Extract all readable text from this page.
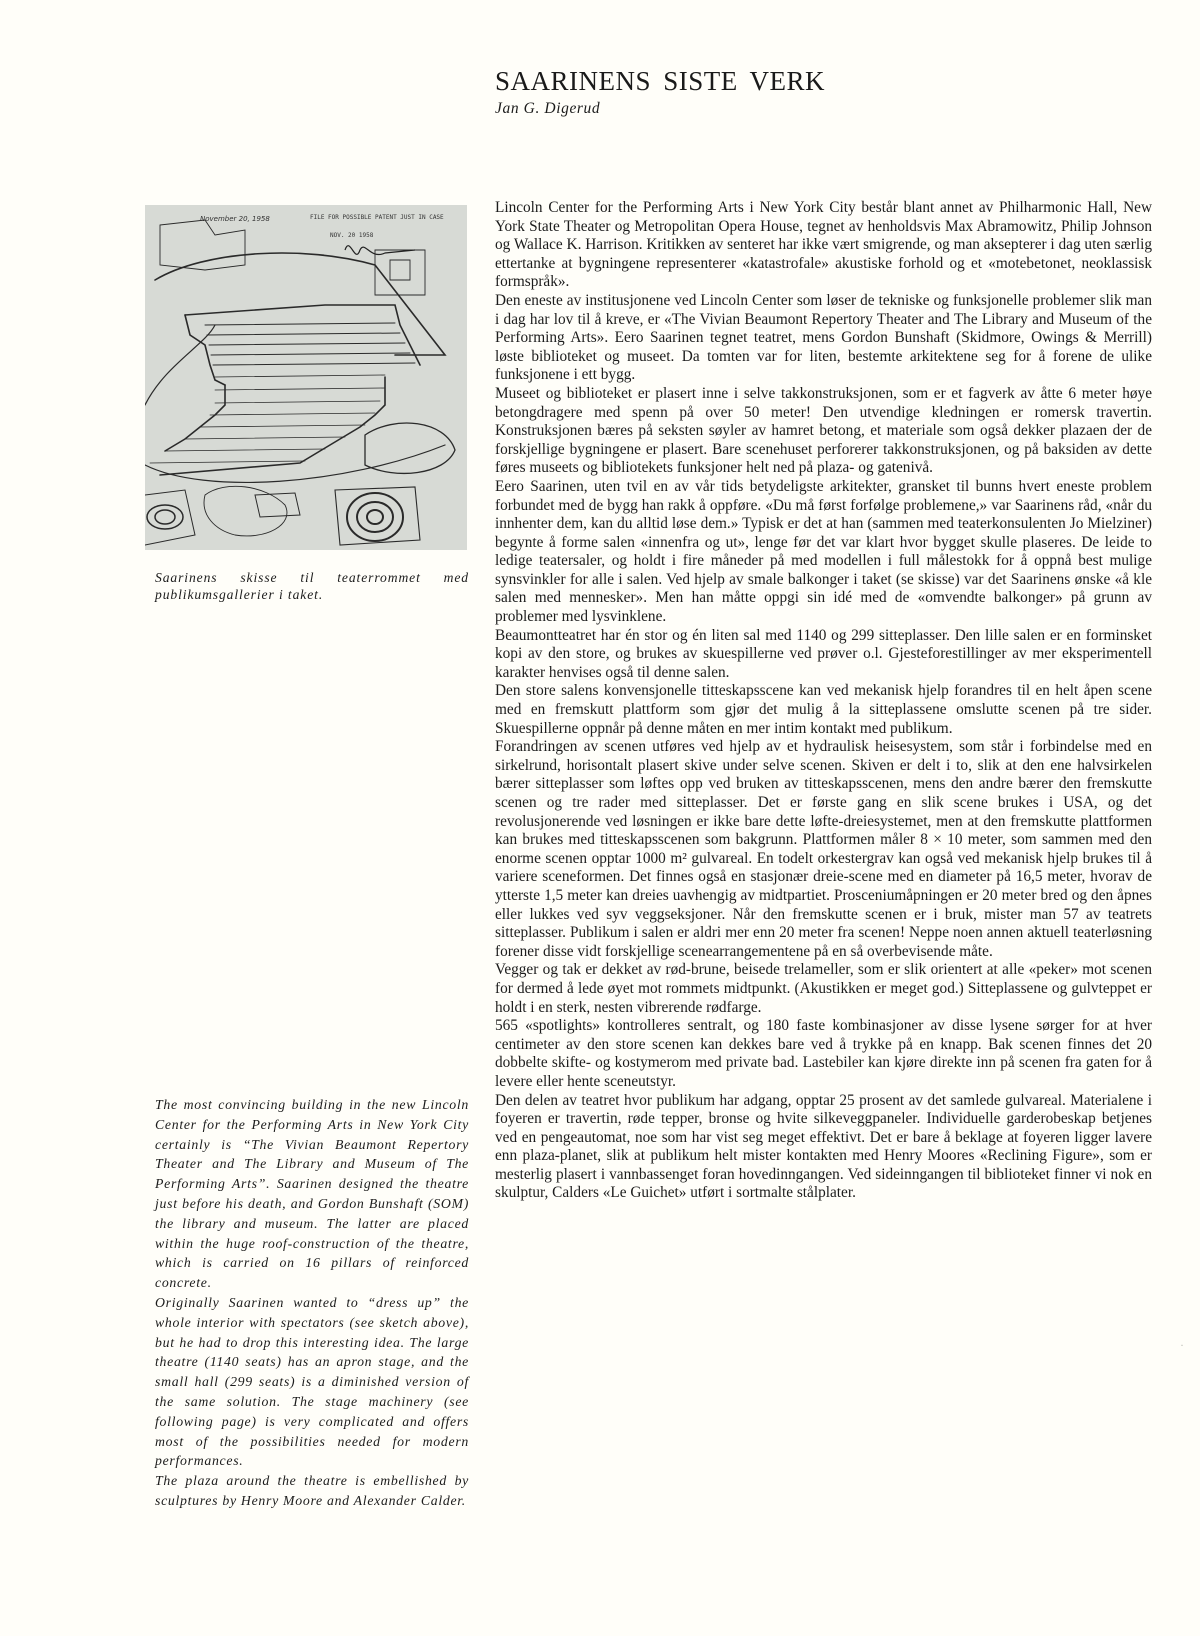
SAARINENS SISTE VERK

Jan G. Digerud

November 20, 1958	FILE FOR POSSIBLE PATENT JUST IN CASE
NOV. 20 1958

Saarinens skisse til teaterrommet med publikumsgallerier i taket.

The most convincing building in the new Lincoln Center for the Performing Arts in New York City certainly is “The Vivian Beaumont Repertory Theater and The Library and Museum of The Performing Arts”. Saarinen designed the theatre just before his death, and Gordon Bunshaft (SOM) the library and museum. The latter are placed within the huge roof-construction of the theatre, which is carried on 16 pillars of reinforced concrete.

Originally Saarinen wanted to “dress up” the whole interior with spectators (see sketch above), but he had to drop this interesting idea. The large theatre (1140 seats) has an apron stage, and the small hall (299 seats) is a diminished version of the same solution. The stage machinery (see following page) is very complicated and offers most of the possibilities needed for modern performances.

The plaza around the theatre is embellished by sculptures by Henry Moore and Alexander Calder.

Lincoln Center for the Performing Arts i New York City består blant annet av Philharmonic Hall, New York State Theater og Metropolitan Opera House, tegnet av henholdsvis Max Abramowitz, Philip Johnson og Wallace K. Harrison. Kritikken av senteret har ikke vært smigrende, og man aksepterer i dag uten særlig ettertanke at bygningene representerer «katastrofale» akustiske forhold og et «motebetonet, neoklassisk formspråk».

Den eneste av institusjonene ved Lincoln Center som løser de tekniske og funksjonelle problemer slik man i dag har lov til å kreve, er «The Vivian Beaumont Repertory Theater and The Library and Museum of the Performing Arts». Eero Saarinen tegnet teatret, mens Gordon Bunshaft (Skidmore, Owings & Merrill) løste biblioteket og museet. Da tomten var for liten, bestemte arkitektene seg for å forene de ulike funksjonene i ett bygg.

Museet og biblioteket er plasert inne i selve takkonstruksjonen, som er et fagverk av åtte 6 meter høye betongdragere med spenn på over 50 meter! Den utvendige kledningen er romersk travertin. Konstruksjonen bæres på seksten søyler av hamret betong, et materiale som også dekker plazaen der de forskjellige bygningene er plasert. Bare scenehuset perforerer takkonstruksjonen, og på baksiden av dette føres museets og bibliotekets funksjoner helt ned på plaza- og gatenivå.

Eero Saarinen, uten tvil en av vår tids betydeligste arkitekter, gransket til bunns hvert eneste problem forbundet med de bygg han rakk å oppføre. «Du må først forfølge problemene,» var Saarinens råd, «når du innhenter dem, kan du alltid løse dem.» Typisk er det at han (sammen med teaterkonsulenten Jo Mielziner) begynte å forme salen «innenfra og ut», lenge før det var klart hvor bygget skulle plaseres. De leide to ledige teatersaler, og holdt i fire måneder på med modellen i full målestokk for å oppnå best mulige synsvinkler for alle i salen. Ved hjelp av smale balkonger i taket (se skisse) var det Saarinens ønske «å kle salen med mennesker». Men han måtte oppgi sin idé med de «omvendte balkonger» på grunn av problemer med lysvinklene.

Beaumontteatret har én stor og én liten sal med 1140 og 299 sitteplasser. Den lille salen er en forminsket kopi av den store, og brukes av skuespillerne ved prøver o.l. Gjesteforestillinger av mer eksperimentell karakter henvises også til denne salen.

Den store salens konvensjonelle titteskapsscene kan ved mekanisk hjelp forandres til en helt åpen scene med en fremskutt plattform som gjør det mulig å la sitteplassene omslutte scenen på tre sider. Skuespillerne oppnår på denne måten en mer intim kontakt med publikum.

Forandringen av scenen utføres ved hjelp av et hydraulisk heisesystem, som står i forbindelse med en sirkelrund, horisontalt plasert skive under selve scenen. Skiven er delt i to, slik at den ene halvsirkelen bærer sitteplasser som løftes opp ved bruken av titteskapsscenen, mens den andre bærer den fremskutte scenen og tre rader med sitteplasser. Det er første gang en slik scene brukes i USA, og det revolusjonerende ved løsningen er ikke bare dette løfte-dreiesystemet, men at den fremskutte plattformen kan brukes med titteskapsscenen som bakgrunn. Plattformen måler 8 × 10 meter, som sammen med den enorme scenen opptar 1000 m² gulvareal. En todelt orkestergrav kan også ved mekanisk hjelp brukes til å variere sceneformen. Det finnes også en stasjonær dreie-scene med en diameter på 16,5 meter, hvorav de ytterste 1,5 meter kan dreies uavhengig av midtpartiet. Prosceniumåpningen er 20 meter bred og den åpnes eller lukkes ved syv veggseksjoner. Når den fremskutte scenen er i bruk, mister man 57 av teatrets sitteplasser. Publikum i salen er aldri mer enn 20 meter fra scenen! Neppe noen annen aktuell teaterløsning forener disse vidt forskjellige scenearrangementene på en så overbevisende måte.

Vegger og tak er dekket av rød-brune, beisede trelameller, som er slik orientert at alle «peker» mot scenen for dermed å lede øyet mot rommets midtpunkt. (Akustikken er meget god.) Sitteplassene og gulvteppet er holdt i en sterk, nesten vibrerende rødfarge.

565 «spotlights» kontrolleres sentralt, og 180 faste kombinasjoner av disse lysene sørger for at hver centimeter av den store scenen kan dekkes bare ved å trykke på en knapp. Bak scenen finnes det 20 dobbelte skifte- og kostymerom med private bad. Lastebiler kan kjøre direkte inn på scenen fra gaten for å levere eller hente sceneutstyr.

Den delen av teatret hvor publikum har adgang, opptar 25 prosent av det samlede gulvareal. Materialene i foyeren er travertin, røde tepper, bronse og hvite silkeveggpaneler. Individuelle garderobeskap betjenes ved en pengeautomat, noe som har vist seg meget effektivt. Det er bare å beklage at foyeren ligger lavere enn plaza-planet, slik at publikum helt mister kontakten med Henry Moores «Reclining Figure», som er mesterlig plasert i vannbassenget foran hovedinngangen. Ved sideinngangen til biblioteket finner vi nok en skulptur, Calders «Le Guichet» utført i sortmalte stålplater.

·
